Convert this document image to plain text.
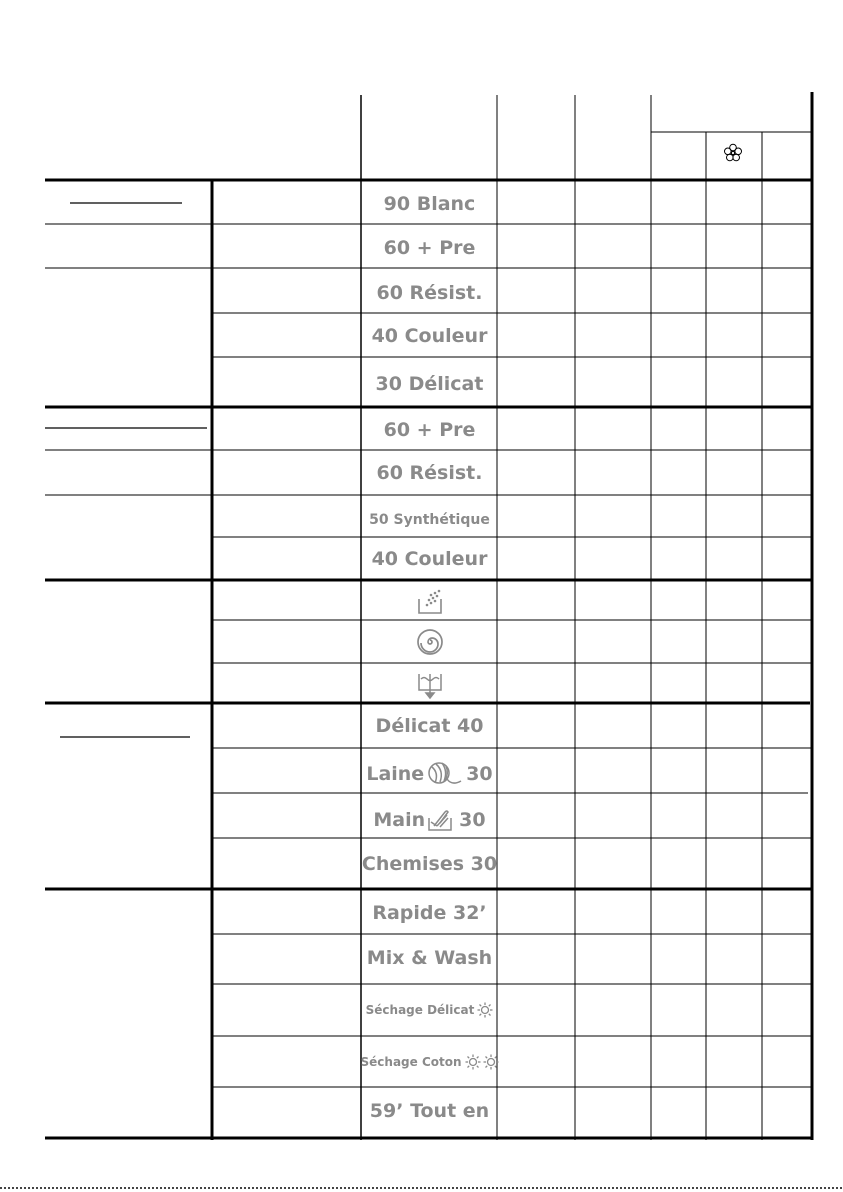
90 Blanc
60 + Pre
60 Résist.
40 Couleur
30 Délicat
60 + Pre
60 Résist.
50 Synthétique
40 Couleur
Délicat 40
Laine 30
Main 30
Chemises 30
Rapide 32’
Mix & Wash
Séchage Délicat
Séchage Coton
59’ Tout en
